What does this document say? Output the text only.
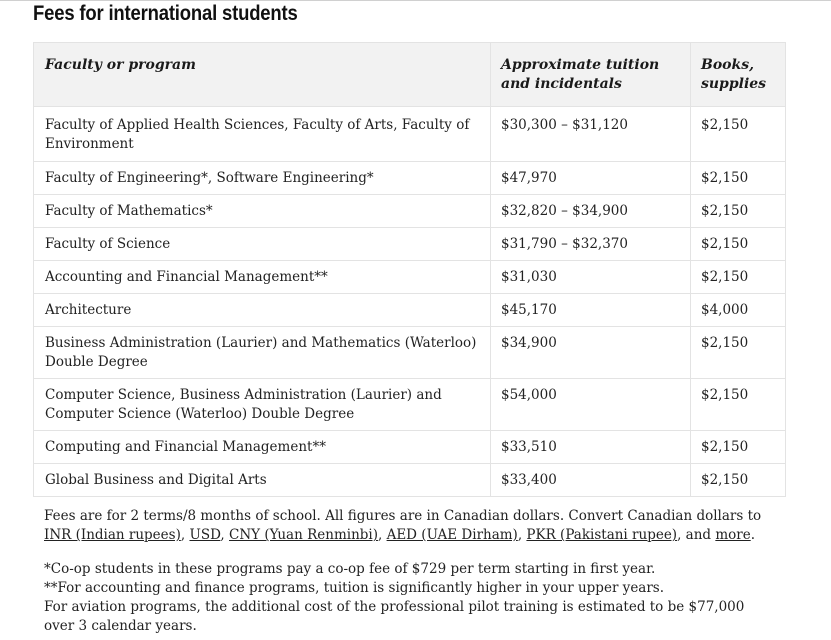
Fees for international students
Faculty or program	Approximate tuition and incidentals	Books, supplies
Faculty of Applied Health Sciences, Faculty of Arts, Faculty of Environment	$30,300 – $31,120	$2,150
Faculty of Engineering*, Software Engineering*	$47,970	$2,150
Faculty of Mathematics*	$32,820 – $34,900	$2,150
Faculty of Science	$31,790 – $32,370	$2,150
Accounting and Financial Management**	$31,030	$2,150
Architecture	$45,170	$4,000
Business Administration (Laurier) and Mathematics (Waterloo) Double Degree	$34,900	$2,150
Computer Science, Business Administration (Laurier) and Computer Science (Waterloo) Double Degree	$54,000	$2,150
Computing and Financial Management**	$33,510	$2,150
Global Business and Digital Arts	$33,400	$2,150

Fees are for 2 terms/8 months of school. All figures are in Canadian dollars. Convert Canadian dollars to INR (Indian rupees), USD, CNY (Yuan Renminbi), AED (UAE Dirham), PKR (Pakistani rupee), and more.

*Co-op students in these programs pay a co-op fee of $729 per term starting in first year.

**For accounting and finance programs, tuition is significantly higher in your upper years.

For aviation programs, the additional cost of the professional pilot training is estimated to be $77,000 over 3 calendar years.
